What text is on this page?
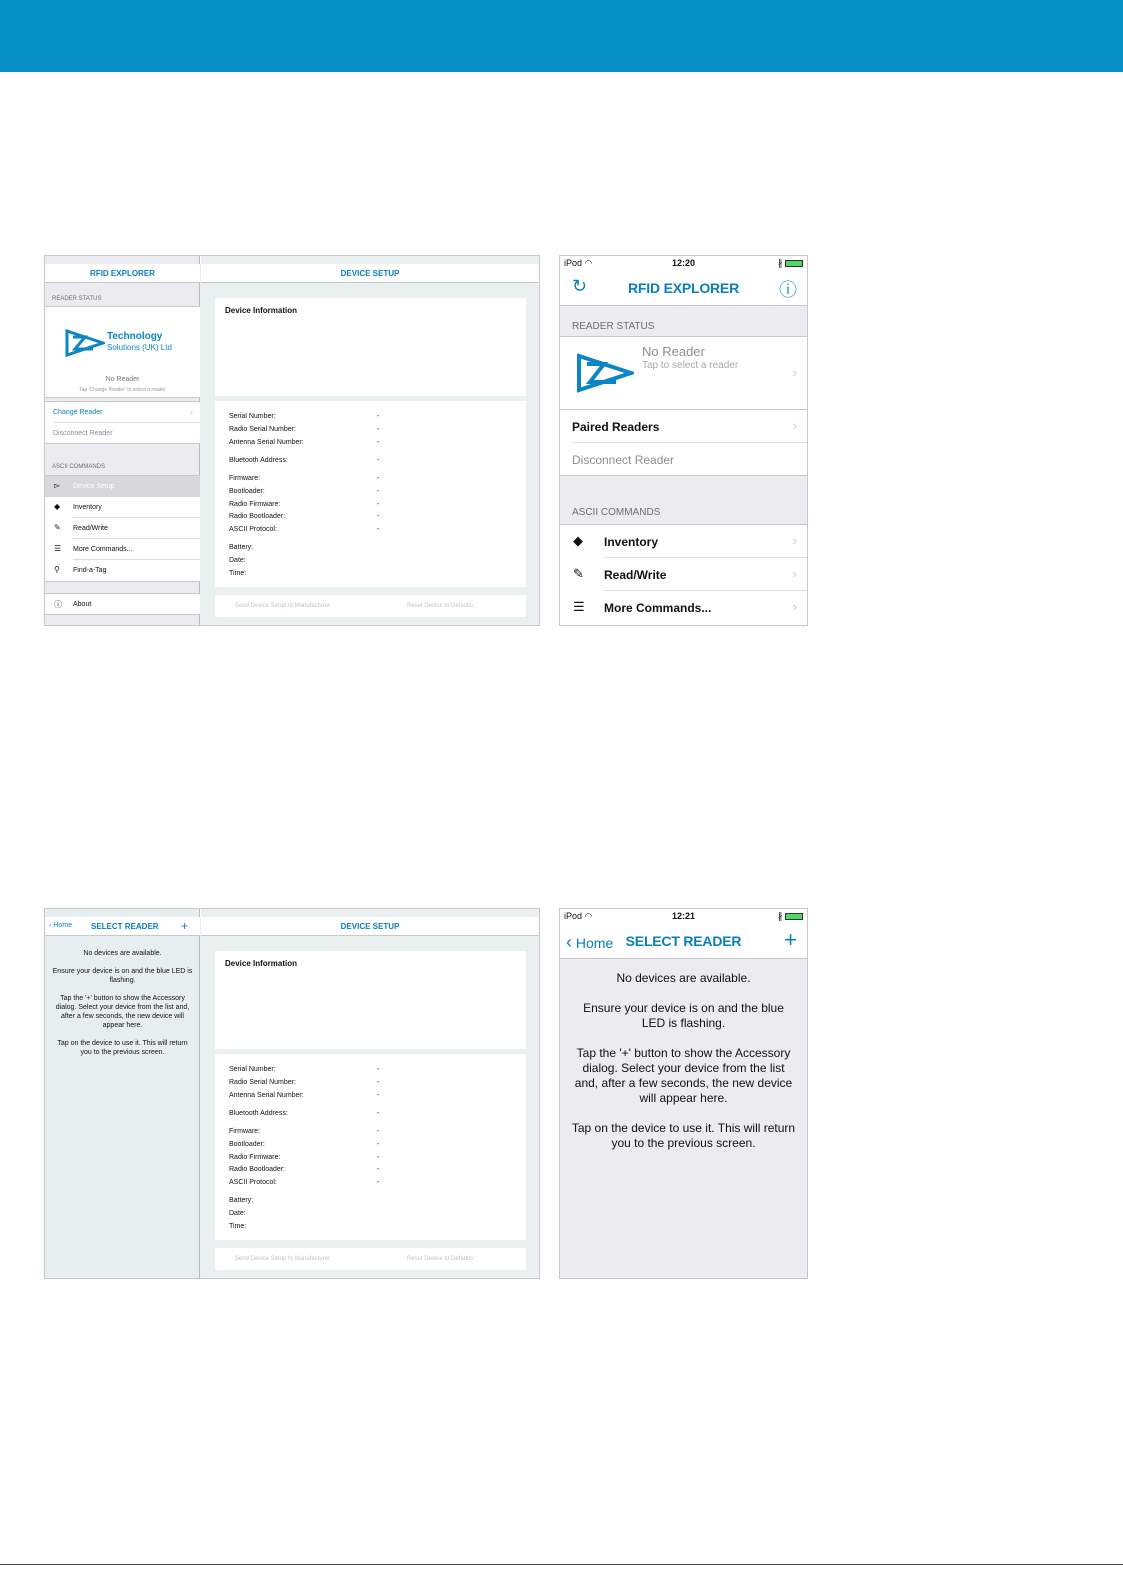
RFID EXPLORER
READER STATUS
Technology
Solutions (UK) Ltd
No Reader
Tap 'Change Reader' to select a reader
Change Reader	›
Disconnect Reader
ASCII COMMANDS
▻ Device Setup
◆ Inventory
✎ Read/Write
☰ More Commands...
⚲ Find-a-Tag
ⓘ About
DEVICE SETUP
Device Information
Serial Number:	-
Radio Serial Number:	-
Antenna Serial Number:	-
Bluetooth Address:	-
Firmware:	-
Bootloader:	-
Radio Firmware:	-
Radio Bootloader:	-
ASCII Protocol:	-
Battery:
Date:
Time:
Send Device Setup to Manufacturer	Reset Device to Defaults
iPod ◠	12:20	∦
↻	RFID EXPLORER	ⓘ
READER STATUS
No Reader
Tap to select a reader	›
Paired Readers	›
Disconnect Reader
ASCII COMMANDS
◆ Inventory	›
✎ Read/Write	›
☰ More Commands...	›
‹ Home SELECT READER +

No devices are available.

Ensure your device is on and the blue LED is flashing.

Tap the '+' button to show the Accessory dialog. Select your device from the list and, after a few seconds, the new device will appear here.

Tap on the device to use it. This will return you to the previous screen.

DEVICE SETUP
Device Information
Serial Number:	-
Radio Serial Number:	-
Antenna Serial Number:	-
Bluetooth Address:	-
Firmware:	-
Bootloader:	-
Radio Firmware:	-
Radio Bootloader:	-
ASCII Protocol:	-
Battery:
Date:
Time:
Send Device Setup to Manufacturer	Reset Device to Defaults
iPod ◠	12:21	∦
‹ Home SELECT READER	+

No devices are available.

Ensure your device is on and the blue LED is flashing.

Tap the '+' button to show the Accessory dialog. Select your device from the list and, after a few seconds, the new device will appear here.

Tap on the device to use it. This will return you to the previous screen.
